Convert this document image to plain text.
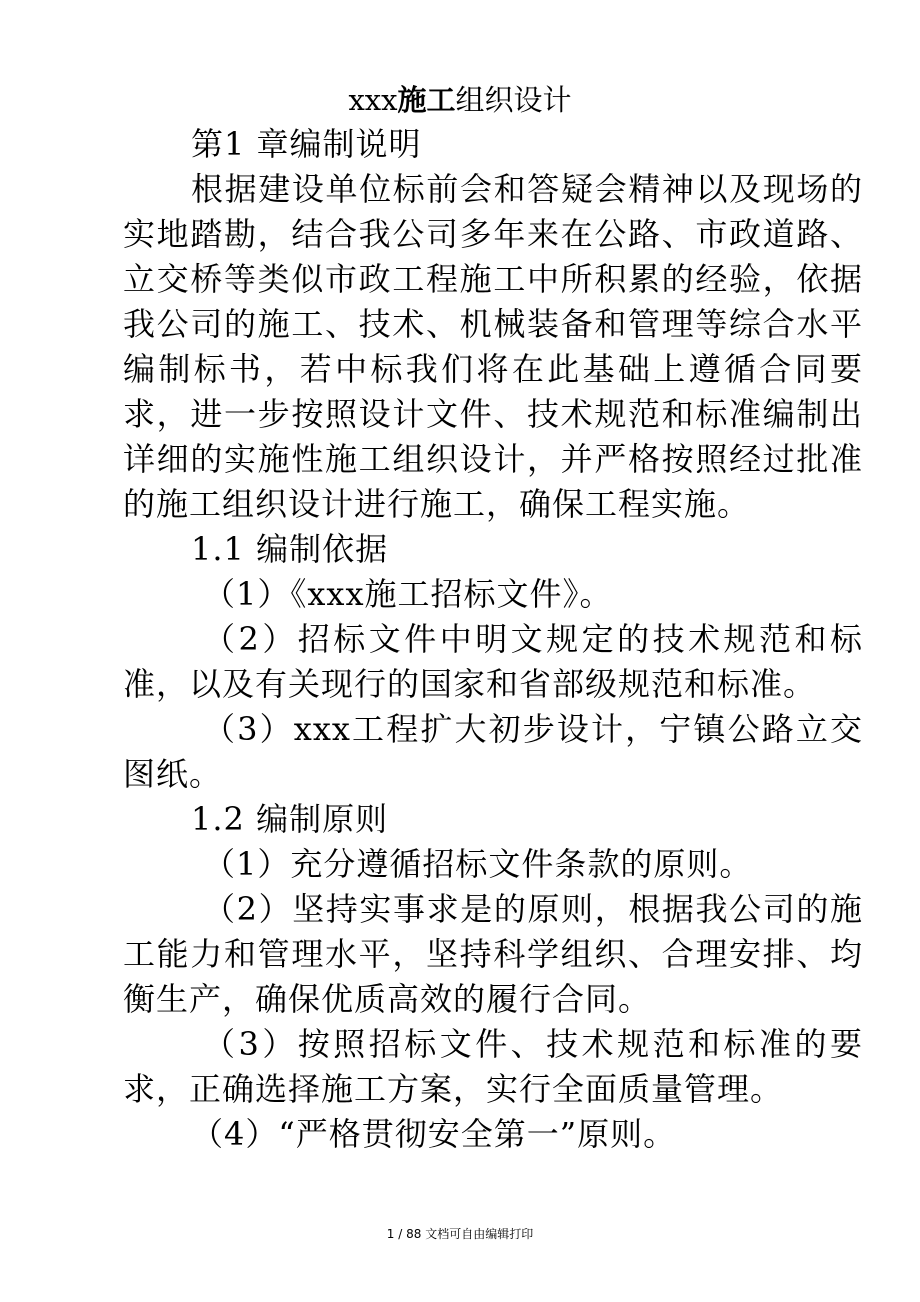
xxx施工组织设计

第1 章编制说明

根据建设单位标前会和答疑会精神以及现场的实地踏勘，结合我公司多年来在公路、市政道路、立交桥等类似市政工程施工中所积累的经验，依据我公司的施工、技术、机械装备和管理等综合水平编制标书，若中标我们将在此基础上遵循合同要求，进一步按照设计文件、技术规范和标准编制出详细的实施性施工组织设计，并严格按照经过批准的施工组织设计进行施工，确保工程实施。

1.1 编制依据

（1）《xxx施工招标文件》。

（2）招标文件中明文规定的技术规范和标准，以及有关现行的国家和省部级规范和标准。

（3）xxx工程扩大初步设计，宁镇公路立交图纸。

1.2 编制原则

（1）充分遵循招标文件条款的原则。

（2）坚持实事求是的原则，根据我公司的施工能力和管理水平，坚持科学组织、合理安排、均衡生产，确保优质高效的履行合同。

（3）按照招标文件、技术规范和标准的要求，正确选择施工方案，实行全面质量管理。

（4）“严格贯彻安全第一”原则。

1 / 88 文档可自由编辑打印
